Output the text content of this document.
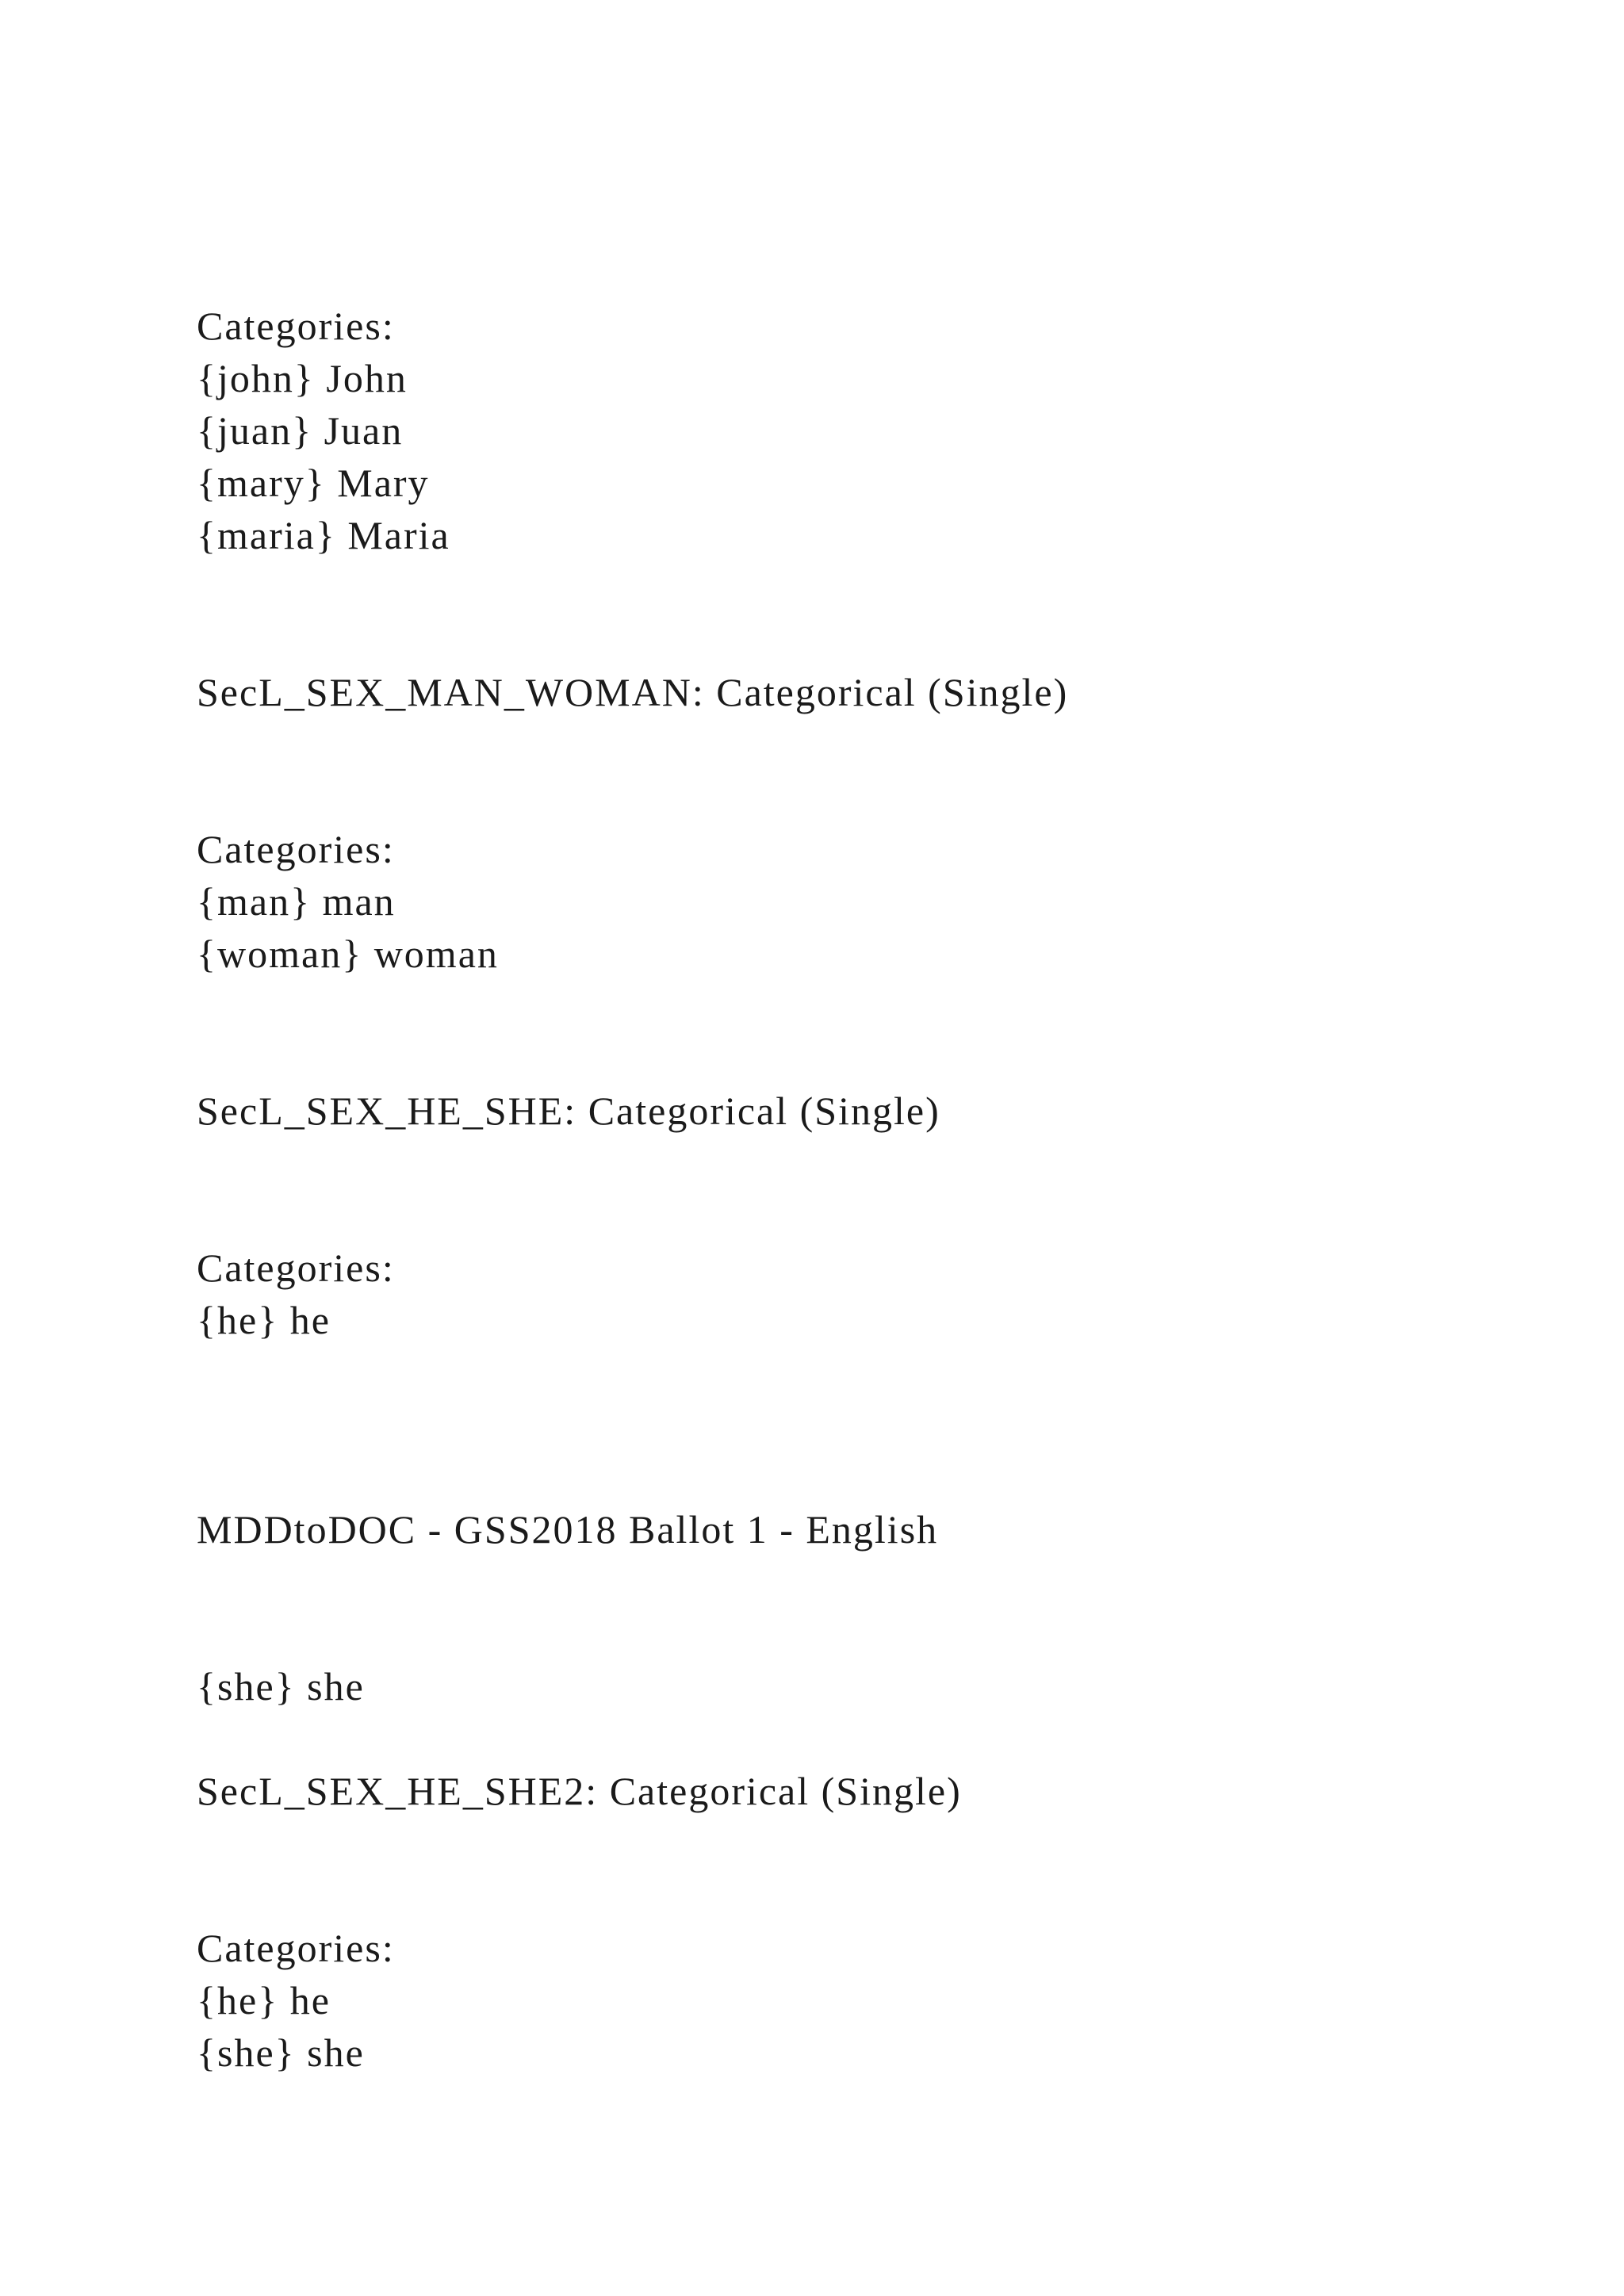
Categories:
{john} John
{juan} Juan
{mary} Mary
{maria} Maria
SecL_SEX_MAN_WOMAN: Categorical (Single)
Categories:
{man} man
{woman} woman
SecL_SEX_HE_SHE: Categorical (Single)
Categories:
{he} he
MDDtoDOC - GSS2018 Ballot 1 - English
{she} she
SecL_SEX_HE_SHE2: Categorical (Single)
Categories:
{he} he
{she} she
